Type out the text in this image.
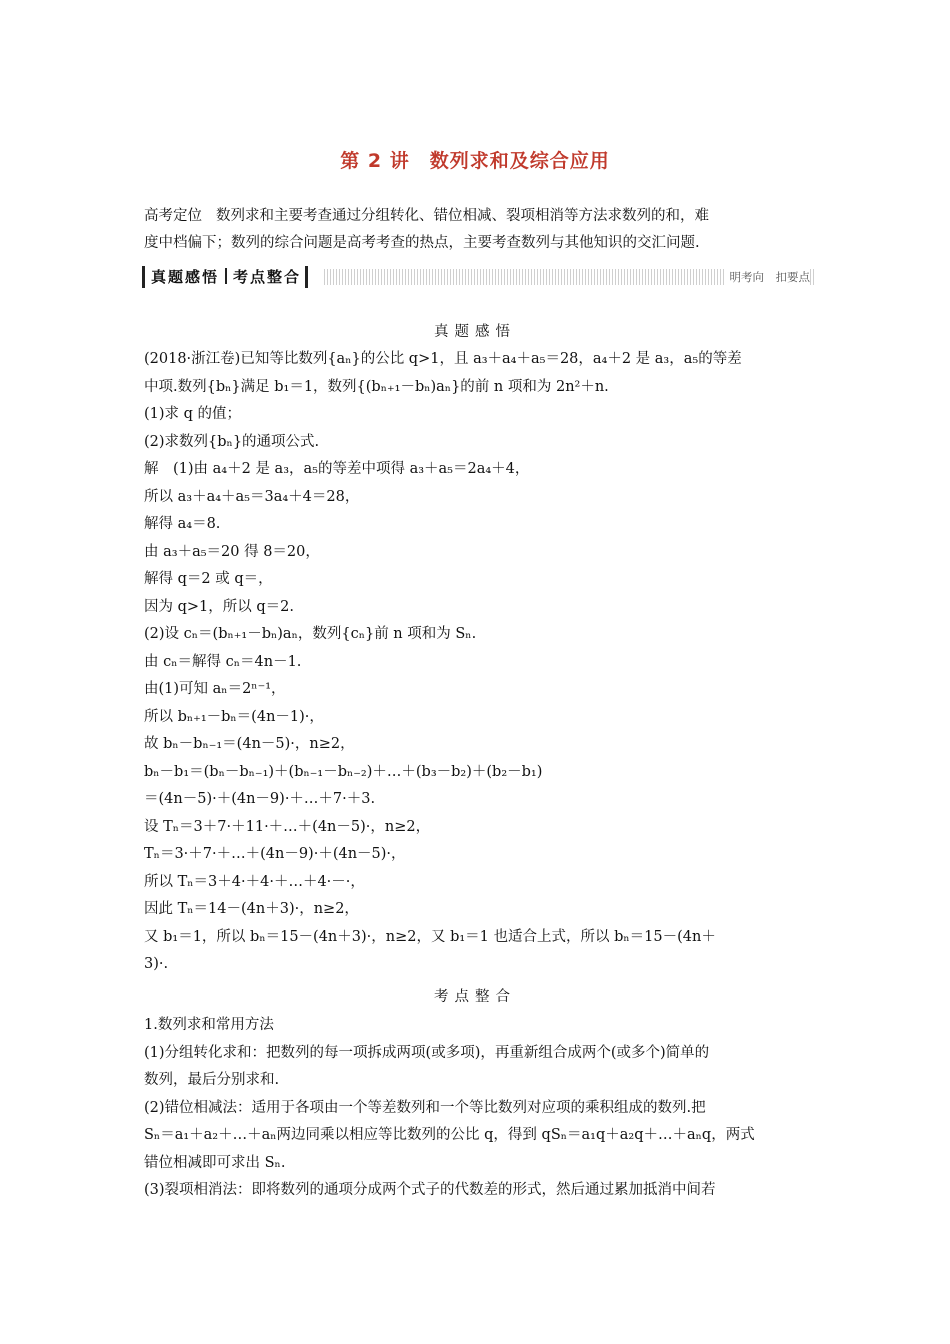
第 2 讲　数列求和及综合应用
高考定位 数列求和主要考查通过分组转化、错位相减、裂项相消等方法求数列的和，难
度中档偏下；数列的综合问题是高考考查的热点，主要考查数列与其他知识的交汇问题.
真题感悟 考点整合	明考向　扣要点
真题感悟
(2018·浙江卷)已知等比数列{aₙ}的公比 q>1，且 a₃＋a₄＋a₅＝28，a₄＋2 是 a₃，a₅的等差
中项.数列{bₙ}满足 b₁＝1，数列{(bₙ₊₁－bₙ)aₙ}的前 n 项和为 2n²＋n.
(1)求 q 的值；
(2)求数列{bₙ}的通项公式.
解　(1)由 a₄＋2 是 a₃，a₅的等差中项得 a₃＋a₅＝2a₄＋4，
所以 a₃＋a₄＋a₅＝3a₄＋4＝28，
解得 a₄＝8.
由 a₃＋a₅＝20 得 8＝20，
解得 q＝2 或 q＝，
因为 q>1，所以 q＝2.
(2)设 cₙ＝(bₙ₊₁－bₙ)aₙ，数列{cₙ}前 n 项和为 Sₙ.
由 cₙ＝解得 cₙ＝4n－1.
由(1)可知 aₙ＝2ⁿ⁻¹，
所以 bₙ₊₁－bₙ＝(4n－1)·，
故 bₙ－bₙ₋₁＝(4n－5)·，n≥2，
bₙ－b₁＝(bₙ－bₙ₋₁)＋(bₙ₋₁－bₙ₋₂)＋…＋(b₃－b₂)＋(b₂－b₁)
＝(4n－5)·＋(4n－9)·＋…＋7·＋3.
设 Tₙ＝3＋7·＋11·＋…＋(4n－5)·，n≥2，
Tₙ＝3·＋7·＋…＋(4n－9)·＋(4n－5)·，
所以 Tₙ＝3＋4·＋4·＋…＋4·－·，
因此 Tₙ＝14－(4n＋3)·，n≥2，
又 b₁＝1，所以 bₙ＝15－(4n＋3)·，n≥2，又 b₁＝1 也适合上式，所以 bₙ＝15－(4n＋
3)·.
考点整合
1.数列求和常用方法
(1)分组转化求和：把数列的每一项拆成两项(或多项)，再重新组合成两个(或多个)简单的
数列，最后分别求和.
(2)错位相减法：适用于各项由一个等差数列和一个等比数列对应项的乘积组成的数列.把
Sₙ＝a₁＋a₂＋…＋aₙ两边同乘以相应等比数列的公比 q，得到 qSₙ＝a₁q＋a₂q＋…＋aₙq，两式
错位相减即可求出 Sₙ.
(3)裂项相消法：即将数列的通项分成两个式子的代数差的形式，然后通过累加抵消中间若
